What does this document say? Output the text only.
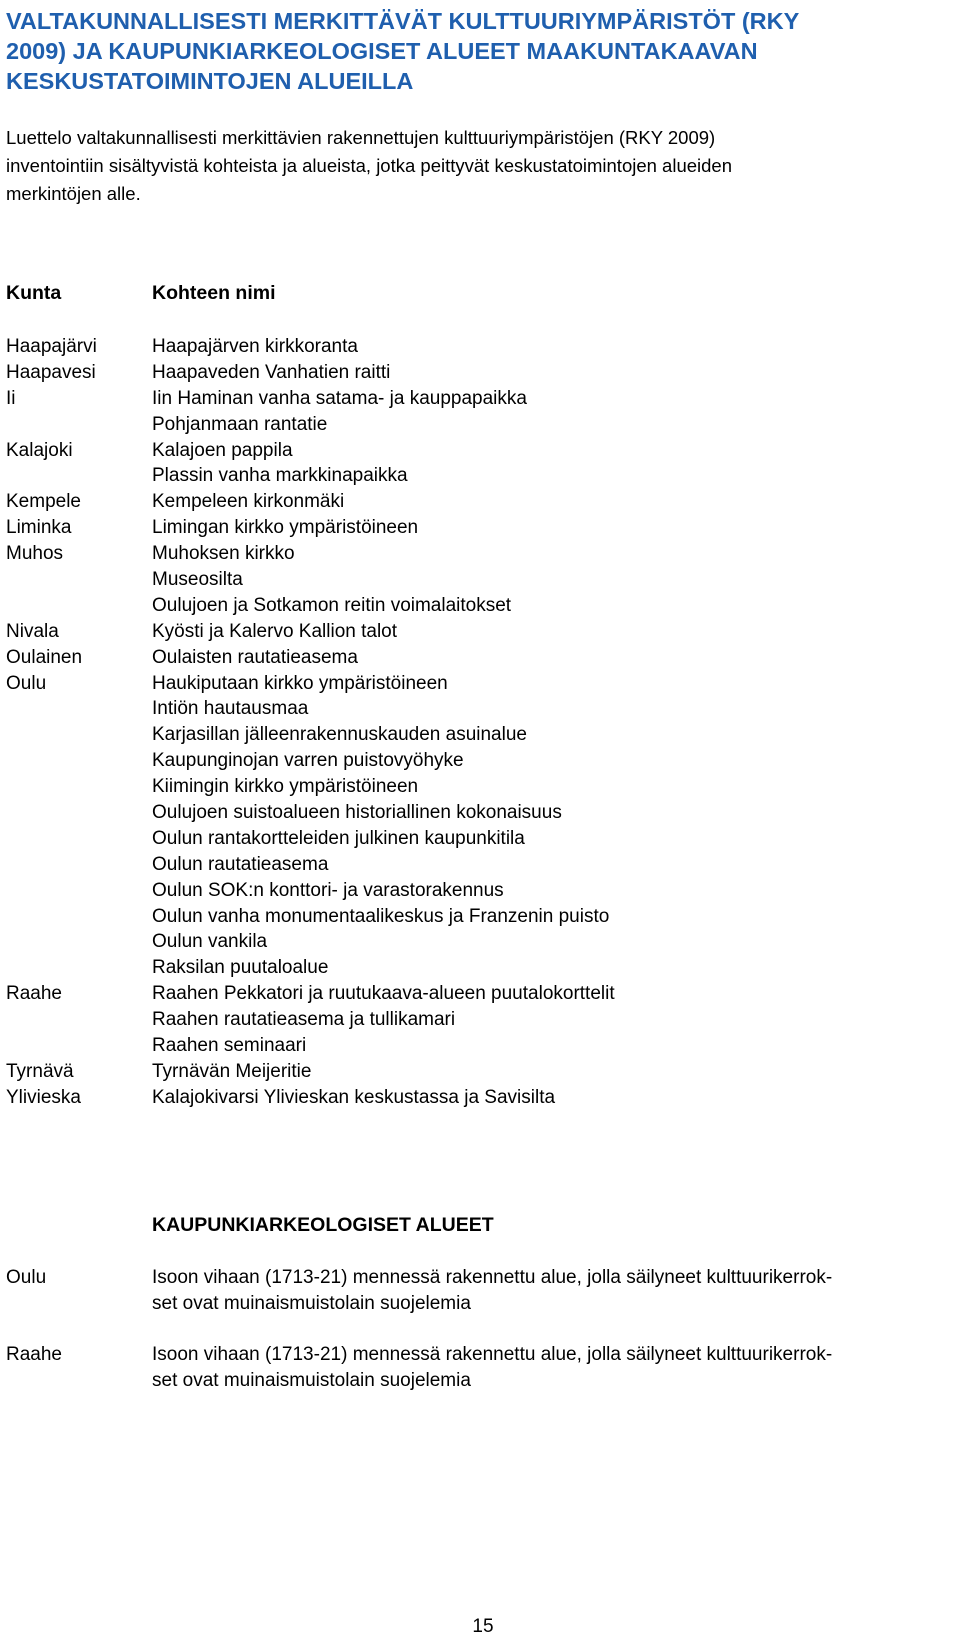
VALTAKUNNALLISESTI MERKITTÄVÄT KULTTUURIYMPÄRISTÖT (RKY
2009) JA KAUPUNKIARKEOLOGISET ALUEET MAAKUNTAKAAVAN
KESKUSTATOIMINTOJEN ALUEILLA

Luettelo valtakunnallisesti merkittävien rakennettujen kulttuuriympäristöjen (RKY 2009)
inventointiin sisältyvistä kohteista ja alueista, jotka peittyvät keskustatoimintojen alueiden
merkintöjen alle.

Kunta	Kohteen nimi
Haapajärvi	Haapajärven kirkkoranta
Haapavesi	Haapaveden Vanhatien raitti
Ii	Iin Haminan vanha satama- ja kauppapaikka
Pohjanmaan rantatie
Kalajoki	Kalajoen pappila
Plassin vanha markkinapaikka
Kempele	Kempeleen kirkonmäki
Liminka	Limingan kirkko ympäristöineen
Muhos	Muhoksen kirkko
Museosilta
Oulujoen ja Sotkamon reitin voimalaitokset
Nivala	Kyösti ja Kalervo Kallion talot
Oulainen	Oulaisten rautatieasema
Oulu	Haukiputaan kirkko ympäristöineen
Intiön hautausmaa
Karjasillan jälleenrakennuskauden asuinalue
Kaupunginojan varren puistovyöhyke
Kiimingin kirkko ympäristöineen
Oulujoen suistoalueen historiallinen kokonaisuus
Oulun rantakortteleiden julkinen kaupunkitila
Oulun rautatieasema
Oulun SOK:n konttori- ja varastorakennus
Oulun vanha monumentaalikeskus ja Franzenin puisto
Oulun vankila
Raksilan puutaloalue
Raahe	Raahen Pekkatori ja ruutukaava-alueen puutalokorttelit
Raahen rautatieasema ja tullikamari
Raahen seminaari
Tyrnävä	Tyrnävän Meijeritie
Ylivieska	Kalajokivarsi Ylivieskan keskustassa ja Savisilta
KAUPUNKIARKEOLOGISET ALUEET
Oulu	Isoon vihaan (1713-21) mennessä rakennettu alue, jolla säilyneet kulttuurikerrok-
set ovat muinaismuistolain suojelemia
Raahe	Isoon vihaan (1713-21) mennessä rakennettu alue, jolla säilyneet kulttuurikerrok-
set ovat muinaismuistolain suojelemia
15
